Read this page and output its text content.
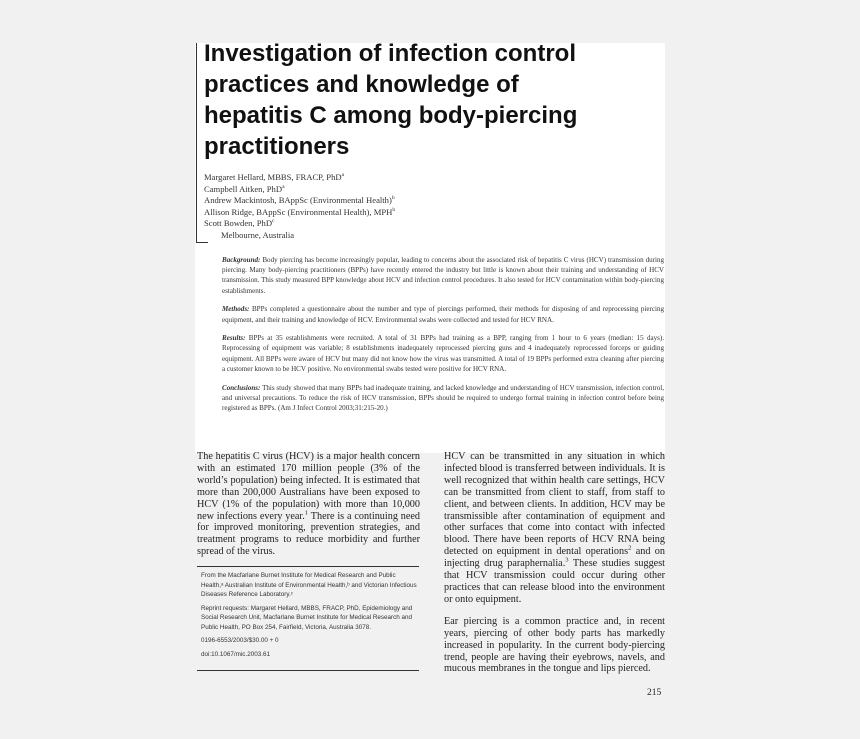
Investigation of infection control practices and knowledge of hepatitis C among body-piercing practitioners
Margaret Hellard, MBBS, FRACP, PhD$^a$
Campbell Aitken, PhD$^a$
Andrew Mackintosh, BAppSc (Environmental Health)$^b$
Allison Ridge, BAppSc (Environmental Health), MPH$^b$
Scott Bowden, PhD$^c$
Melbourne, Australia

Background: Body piercing has become increasingly popular, leading to concerns about the associated risk of hepatitis C virus (HCV) transmission during piercing. Many body-piercing practitioners (BPPs) have recently entered the industry but little is known about their training and understanding of HCV transmission. This study measured BPP knowledge about HCV and infection control procedures. It also tested for HCV contamination within body-piercing establishments.

Methods: BPPs completed a questionnaire about the number and type of piercings performed, their methods for disposing of and reprocessing piercing equipment, and their training and knowledge of HCV. Environmental swabs were collected and tested for HCV RNA.

Results: BPPs at 35 establishments were recruited. A total of 31 BPPs had training as a BPP, ranging from 1 hour to 6 years (median: 15 days). Reprocessing of equipment was variable; 8 establishments inadequately reprocessed piercing guns and 4 inadequately reprocessed forceps or guiding equipment. All BPPs were aware of HCV but many did not know how the virus was transmitted. A total of 19 BPPs performed extra cleaning after piercing a customer known to be HCV positive. No environmental swabs tested were positive for HCV RNA.

Conclusions: This study showed that many BPPs had inadequate training, and lacked knowledge and understanding of HCV transmission, infection control, and universal precautions. To reduce the risk of HCV transmission, BPPs should be required to undergo formal training in infection control before being registered as BPPs. (Am J Infect Control 2003;31:215-20.)

The hepatitis C virus (HCV) is a major health concern with an estimated 170 million people (3% of the world’s population) being infected. It is estimated that more than 200,000 Australians have been exposed to HCV (1% of the population) with more than 10,000 new infections every year.$^1$ There is a continuing need for improved monitoring, prevention strategies, and treatment programs to reduce morbidity and further spread of the virus.

From the Macfarlane Burnet Institute for Medical Research and Public Health,ᵃ Australian Institute of Environmental Health,ᵇ and Victorian Infectious Diseases Reference Laboratory.ᶜ

Reprint requests: Margaret Hellard, MBBS, FRACP, PhD, Epidemiology and Social Research Unit, Macfarlane Burnet Institute for Medical Research and Public Health, PO Box 254, Fairfield, Victoria, Australia 3078.

0196-6553/2003/$30.00 + 0

doi:10.1067/mic.2003.61

HCV can be transmitted in any situation in which infected blood is transferred between individuals. It is well recognized that within health care settings, HCV can be transmitted from client to staff, from staff to client, and between clients. In addition, HCV may be transmissible after contamination of equipment and other surfaces that come into contact with infected blood. There have been reports of HCV RNA being detected on equipment in dental operations$^2$ and on injecting drug paraphernalia.$^3$ These studies suggest that HCV transmission could occur during other practices that can release blood into the environment or onto equipment.

Ear piercing is a common practice and, in recent years, piercing of other body parts has markedly increased in popularity. In the current body-piercing trend, people are having their eyebrows, navels, and mucous membranes in the tongue and lips pierced.

215
